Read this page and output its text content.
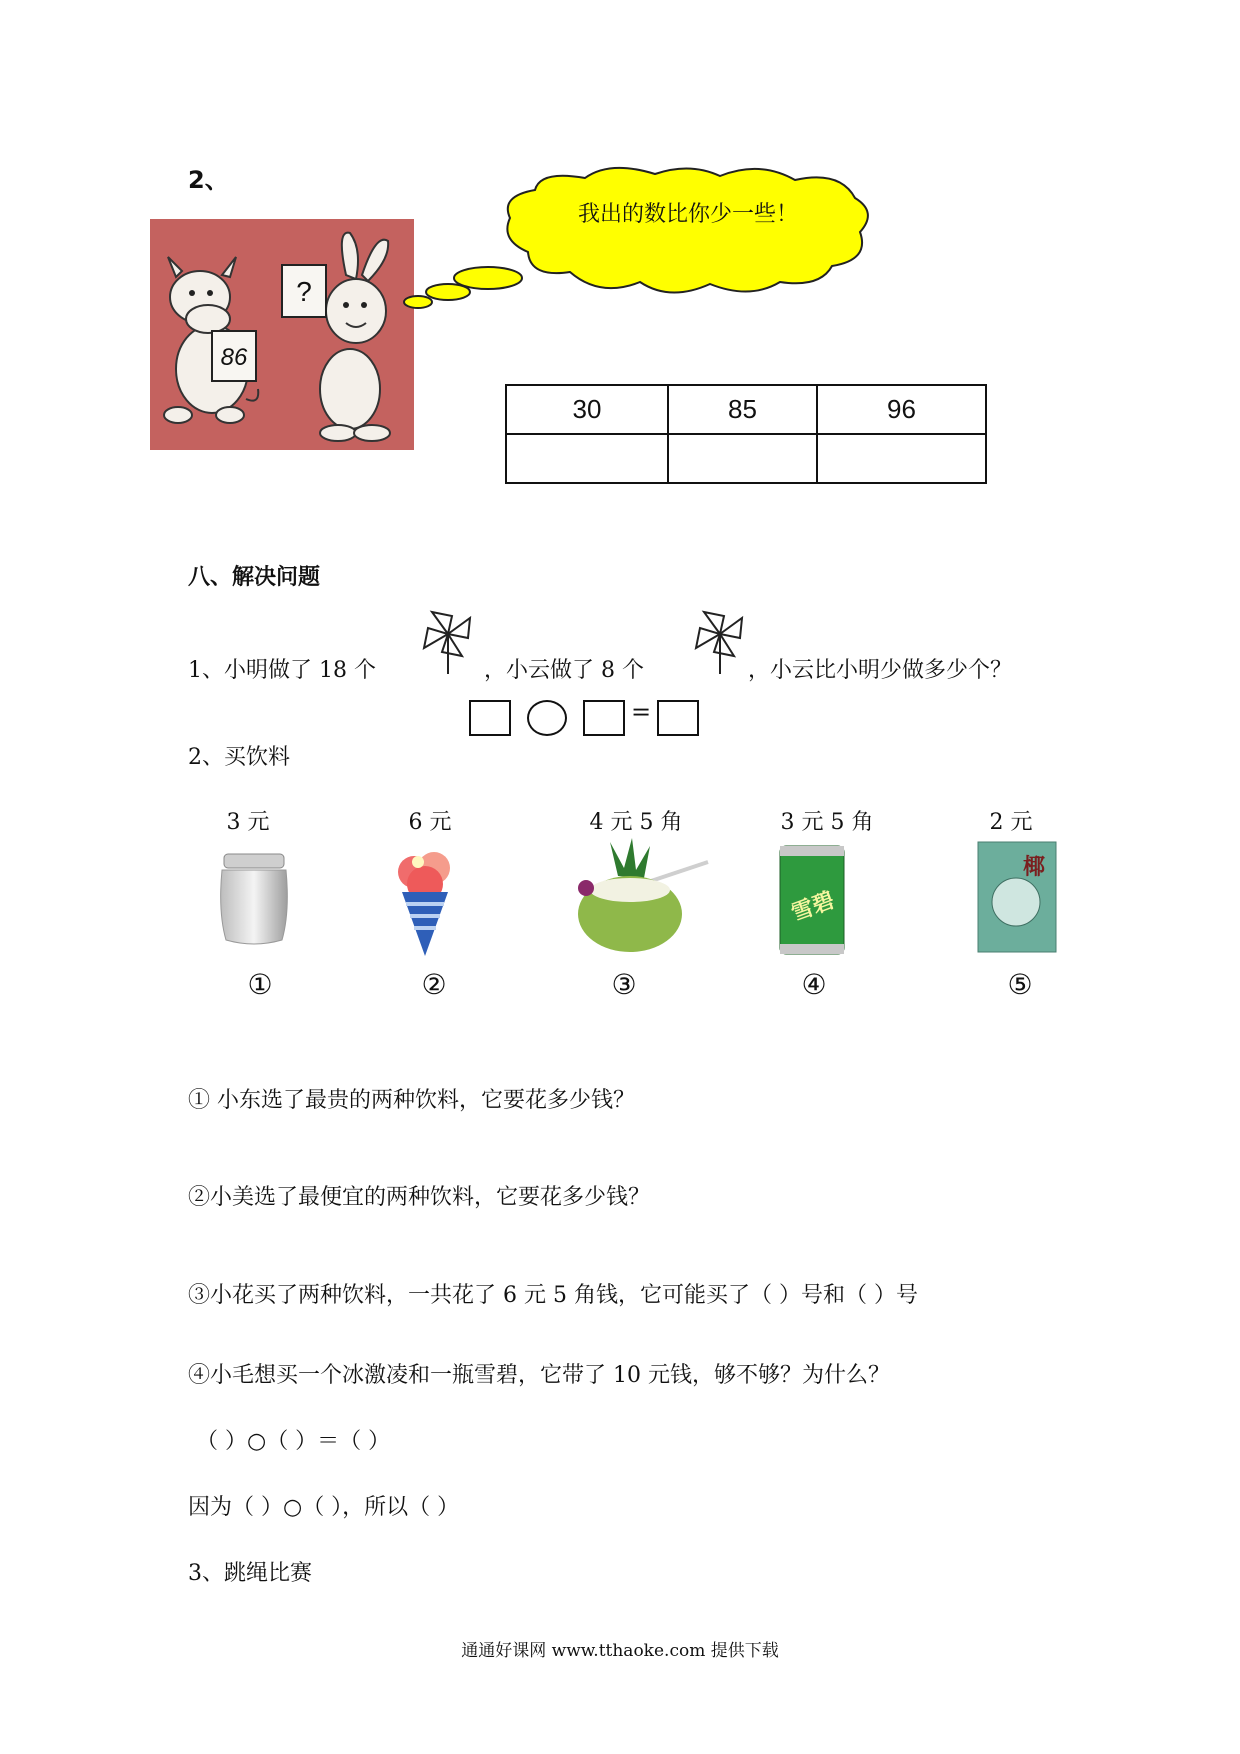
2、
86
?
我出的数比你少一些！
30	85	96

八、解决问题
1、小明做了 18 个	，小云做了 8 个	，小云比小明少做多少个？
=
2、买饮料
3 元	6 元	4 元 5 角	3 元 5 角	2 元
雪碧
椰
①	②	③	④	⑤
① 小东选了最贵的两种饮料，它要花多少钱？
②小美选了最便宜的两种饮料，它要花多少钱？
③小花买了两种饮料，一共花了 6 元 5 角钱，它可能买了（ ）号和（ ）号
④小毛想买一个冰激凌和一瓶雪碧，它带了 10 元钱，够不够？为什么？
（ ）○（ ）＝（ ）
因为（ ）○（ ），所以（ ）
3、跳绳比赛
通通好课网 www.tthaoke.com 提供下载
